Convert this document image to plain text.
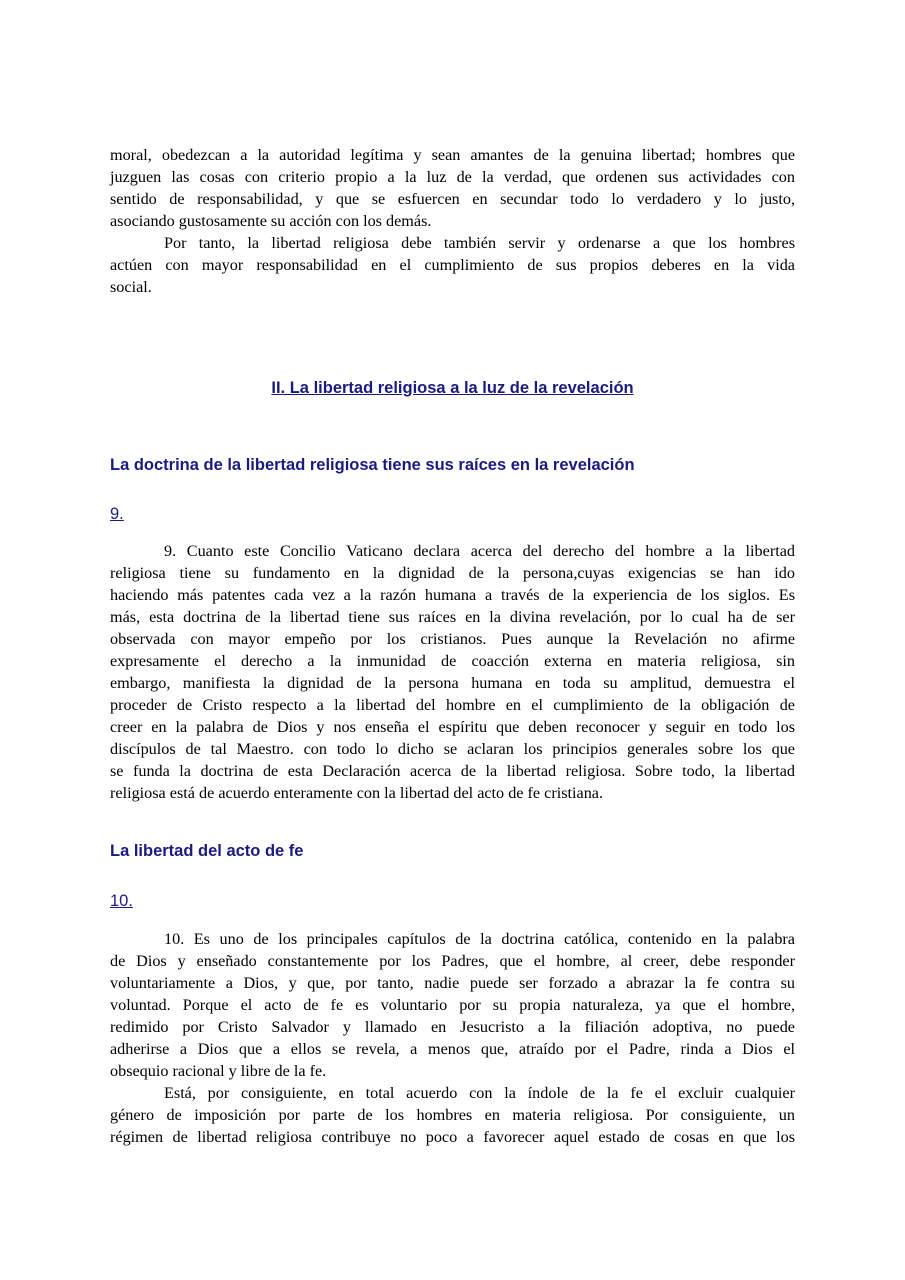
moral, obedezcan a la autoridad legítima y sean amantes de la genuina libertad; hombres que
juzguen las cosas con criterio propio a la luz de la verdad, que ordenen sus actividades con
sentido de responsabilidad, y que se esfuercen en secundar todo lo verdadero y lo justo,
asociando gustosamente su acción con los demás.
Por tanto, la libertad religiosa debe también servir y ordenarse a que los hombres
actúen con mayor responsabilidad en el cumplimiento de sus propios deberes en la vida
social.
II. La libertad religiosa a la luz de la revelación
La doctrina de la libertad religiosa tiene sus raíces en la revelación
9.
9. Cuanto este Concilio Vaticano declara acerca del derecho del hombre a la libertad
religiosa tiene su fundamento en la dignidad de la persona,cuyas exigencias se han ido
haciendo más patentes cada vez a la razón humana a través de la experiencia de los siglos. Es
más, esta doctrina de la libertad tiene sus raíces en la divina revelación, por lo cual ha de ser
observada con mayor empeño por los cristianos. Pues aunque la Revelación no afirme
expresamente el derecho a la inmunidad de coacción externa en materia religiosa, sin
embargo, manifiesta la dignidad de la persona humana en toda su amplitud, demuestra el
proceder de Cristo respecto a la libertad del hombre en el cumplimiento de la obligación de
creer en la palabra de Dios y nos enseña el espíritu que deben reconocer y seguir en todo los
discípulos de tal Maestro. con todo lo dicho se aclaran los principios generales sobre los que
se funda la doctrina de esta Declaración acerca de la libertad religiosa. Sobre todo, la libertad
religiosa está de acuerdo enteramente con la libertad del acto de fe cristiana.
La libertad del acto de fe
10.
10. Es uno de los principales capítulos de la doctrina católica, contenido en la palabra
de Dios y enseñado constantemente por los Padres, que el hombre, al creer, debe responder
voluntariamente a Dios, y que, por tanto, nadie puede ser forzado a abrazar la fe contra su
voluntad. Porque el acto de fe es voluntario por su propia naturaleza, ya que el hombre,
redimido por Cristo Salvador y llamado en Jesucristo a la filiación adoptiva, no puede
adherirse a Dios que a ellos se revela, a menos que, atraído por el Padre, rinda a Dios el
obsequio racional y libre de la fe.
Está, por consiguiente, en total acuerdo con la índole de la fe el excluir cualquier
género de imposición por parte de los hombres en materia religiosa. Por consiguiente, un
régimen de libertad religiosa contribuye no poco a favorecer aquel estado de cosas en que los
